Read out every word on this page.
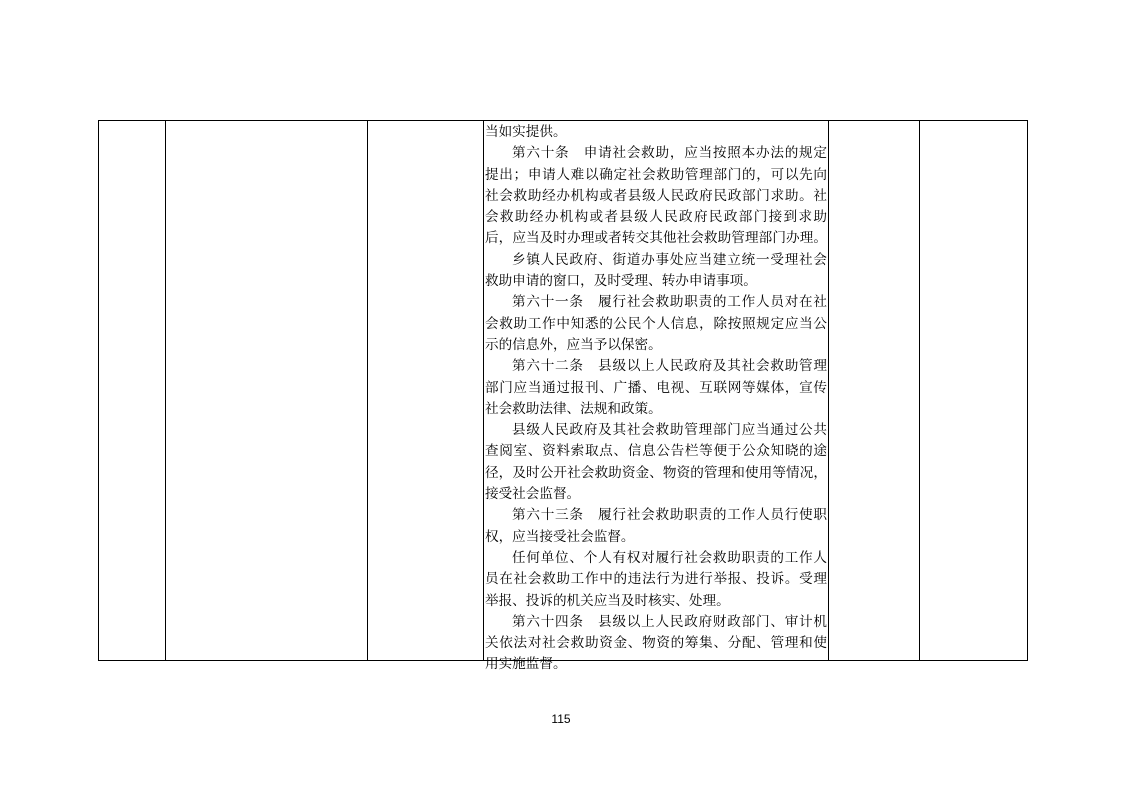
当如实提供。
第六十条　申请社会救助，应当按照本办法的规定
提出；申请人难以确定社会救助管理部门的，可以先向
社会救助经办机构或者县级人民政府民政部门求助。社
会救助经办机构或者县级人民政府民政部门接到求助
后，应当及时办理或者转交其他社会救助管理部门办理。
乡镇人民政府、街道办事处应当建立统一受理社会
救助申请的窗口，及时受理、转办申请事项。
第六十一条　履行社会救助职责的工作人员对在社
会救助工作中知悉的公民个人信息，除按照规定应当公
示的信息外，应当予以保密。
第六十二条　县级以上人民政府及其社会救助管理
部门应当通过报刊、广播、电视、互联网等媒体，宣传
社会救助法律、法规和政策。
县级人民政府及其社会救助管理部门应当通过公共
查阅室、资料索取点、信息公告栏等便于公众知晓的途
径，及时公开社会救助资金、物资的管理和使用等情况，
接受社会监督。
第六十三条　履行社会救助职责的工作人员行使职
权，应当接受社会监督。
任何单位、个人有权对履行社会救助职责的工作人
员在社会救助工作中的违法行为进行举报、投诉。受理
举报、投诉的机关应当及时核实、处理。
第六十四条　县级以上人民政府财政部门、审计机
关依法对社会救助资金、物资的筹集、分配、管理和使
用实施监督。
115
